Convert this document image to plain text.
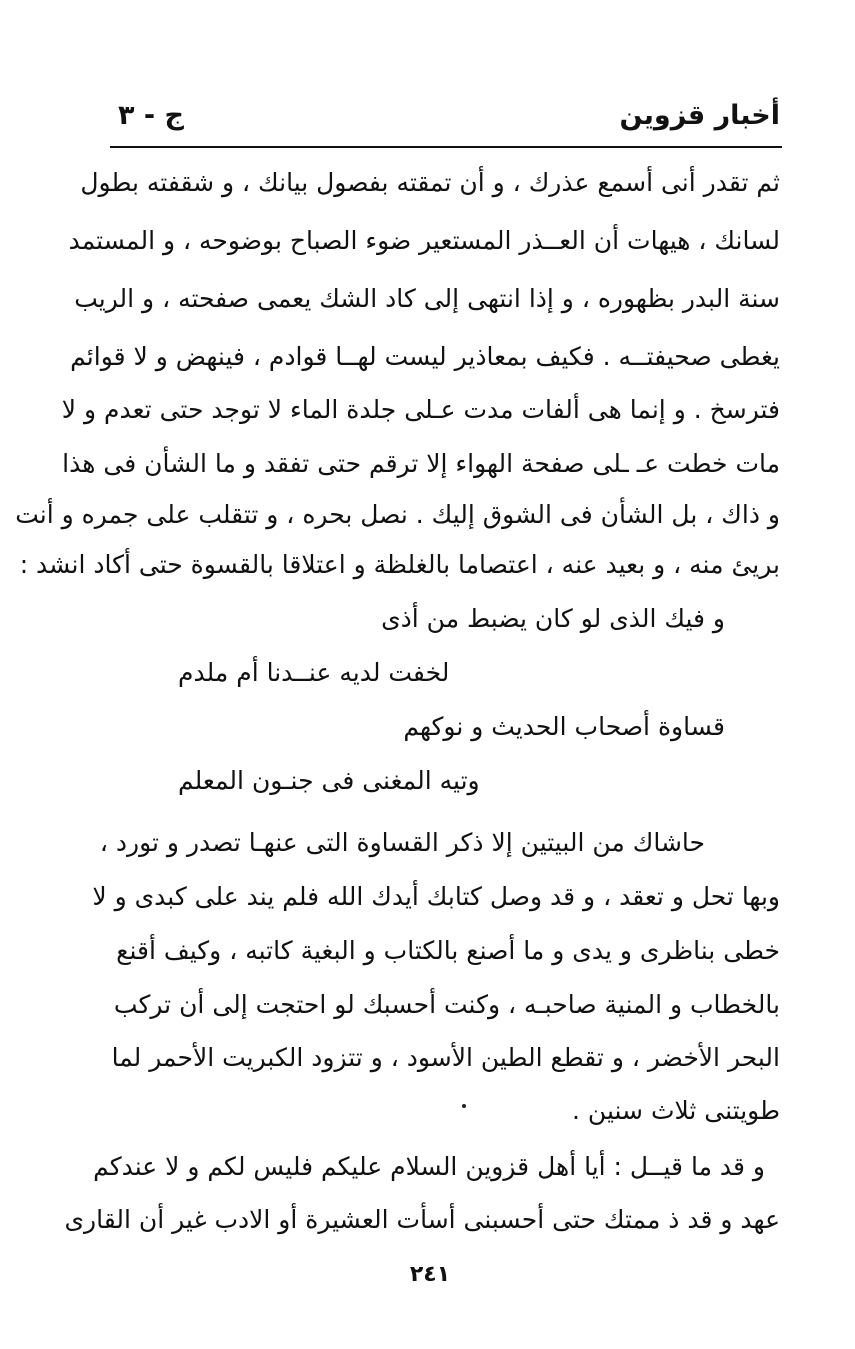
أخبار قزوين
ج - ٣
ثم تقدر أنى أسمع عذرك ، و أن تمقته بفصول بيانك ، و شقفته بطول
لسانك ، هيهات أن العــذر المستعير ضوء الصباح بوضوحه ، و المستمد
سنة البدر بظهوره ، و إذا انتهى إلى كاد الشك يعمى صفحته ، و الريب
يغطى صحيفتــه . فكيف بمعاذير ليست لهــا قوادم ، فينهض و لا قوائم
فترسخ . و إنما هى ألفات مدت عـلى جلدة الماء لا توجد حتى تعدم و لا
مات خطت عـ ـلى صفحة الهواء إلا ترقم حتى تفقد و ما الشأن فى هذا
و ذاك ، بل الشأن فى الشوق إليك . نصل بحره ، و تتقلب على جمره و أنت
بريئ منه ، و بعيد عنه ، اعتصاما بالغلظة و اعتلاقا بالقسوة حتى أكاد انشد :
و فيك الذى لو كان يضبط من أذى
لخفت لديه عنــدنا أم ملدم
قساوة أصحاب الحديث و نوكهم
وتيه المغنى فى جنـون المعلم
حاشاك من البيتين إلا ذكر القساوة التى عنهـا تصدر و تورد ،
وبها تحل و تعقد ، و قد وصل كتابك أيدك الله فلم يند على كبدى و لا
خطى بناظرى و يدى و ما أصنع بالكتاب و البغية كاتبه ، وكيف أقنع
بالخطاب و المنية صاحبـه ، وكنت أحسبك لو احتجت إلى أن تركب
البحر الأخضر ، و تقطع الطين الأسود ، و تتزود الكبريت الأحمر لما
طويتنى ثلاث سنين .
و قد ما قيــل : أيا أهل قزوين السلام عليكم فليس لكم و لا عندكم
عهد و قد ذ ممتك حتى أحسبنى أسأت العشيرة أو الادب غير أن القارى
٢٤١
